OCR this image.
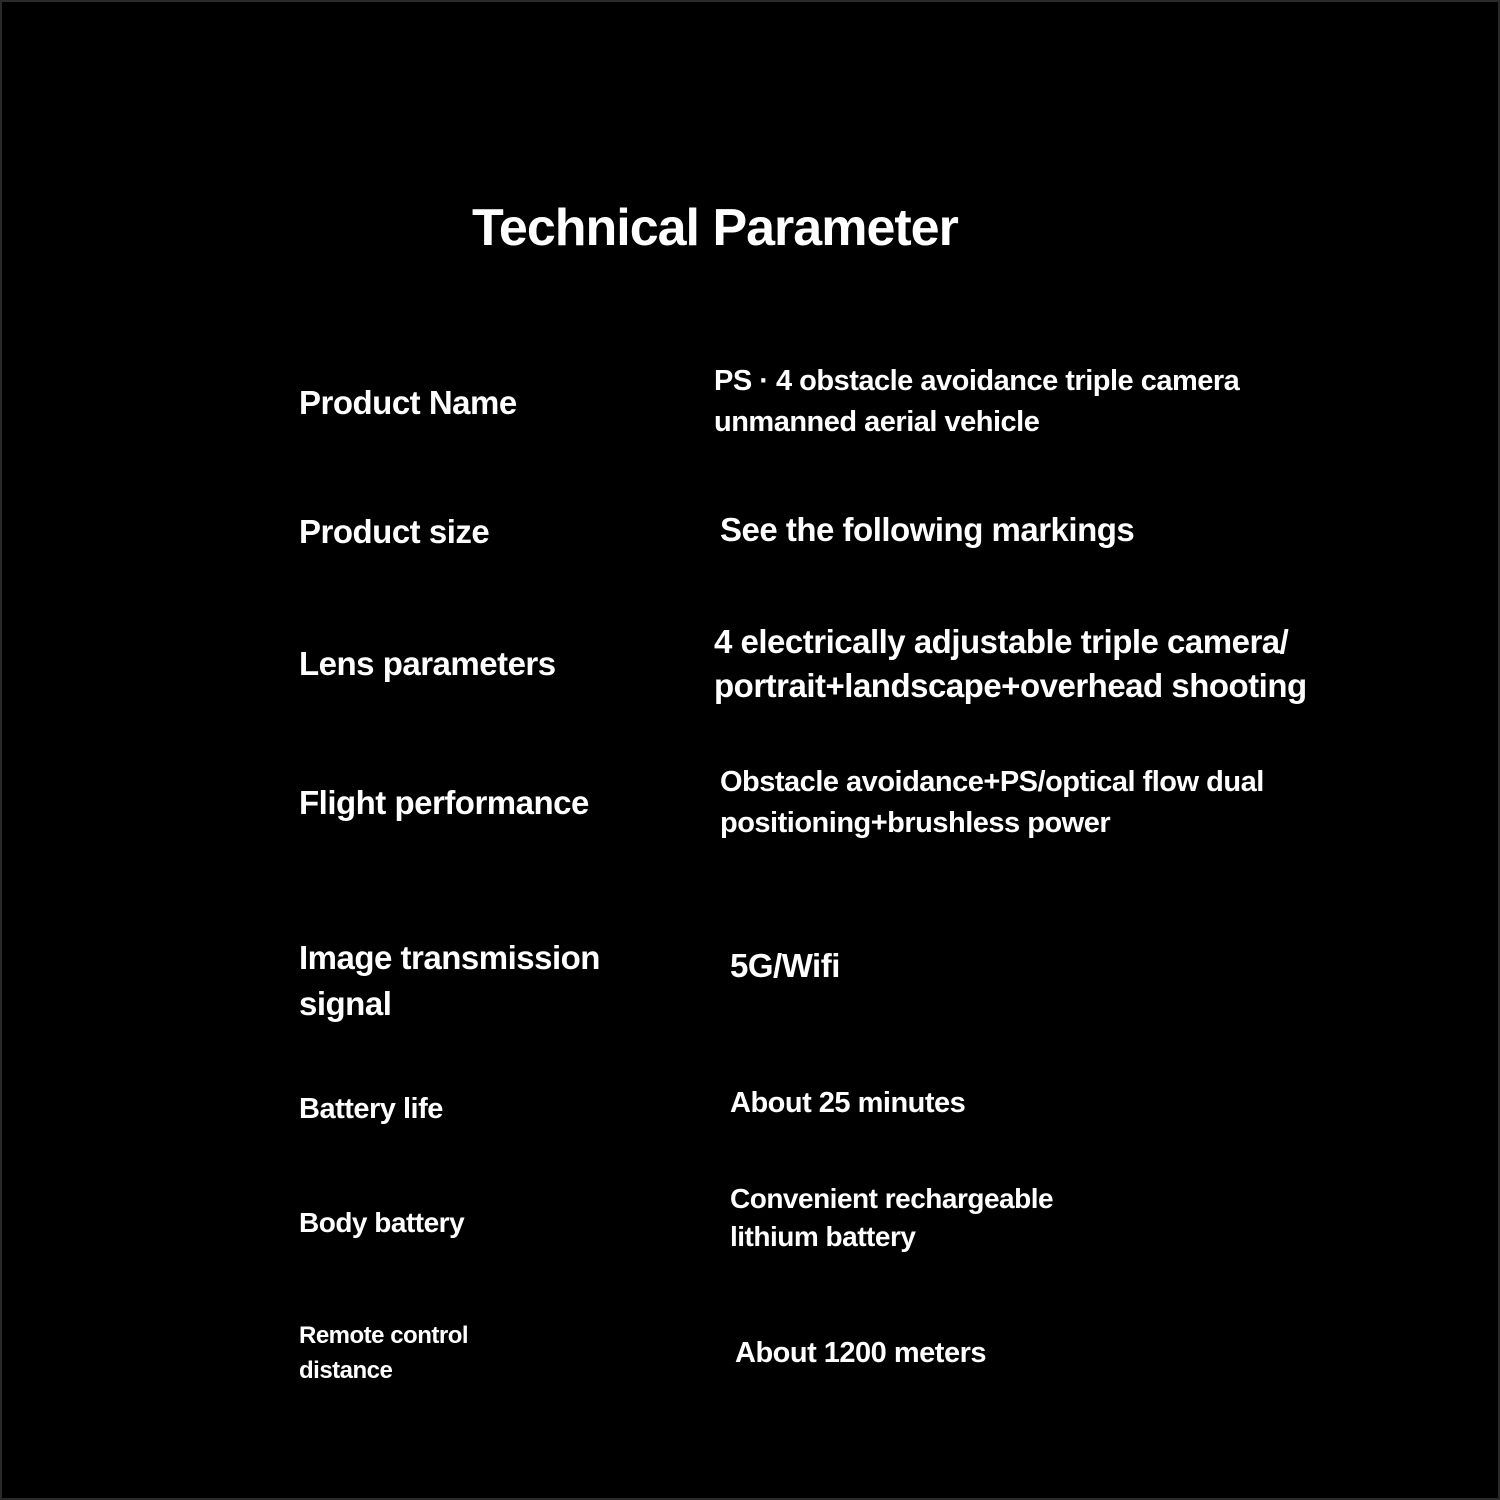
Technical Parameter
Product Name
PS · 4 obstacle avoidance triple camera
unmanned aerial vehicle
Product size	See the following markings
Lens parameters
4 electrically adjustable triple camera/
portrait+landscape+overhead shooting
Flight performance
Obstacle avoidance+PS/optical flow dual
positioning+brushless power
Image transmission
signal
5G/Wifi
Battery life	About 25 minutes
Body battery
Convenient rechargeable
lithium battery
Remote control
distance
About 1200 meters
